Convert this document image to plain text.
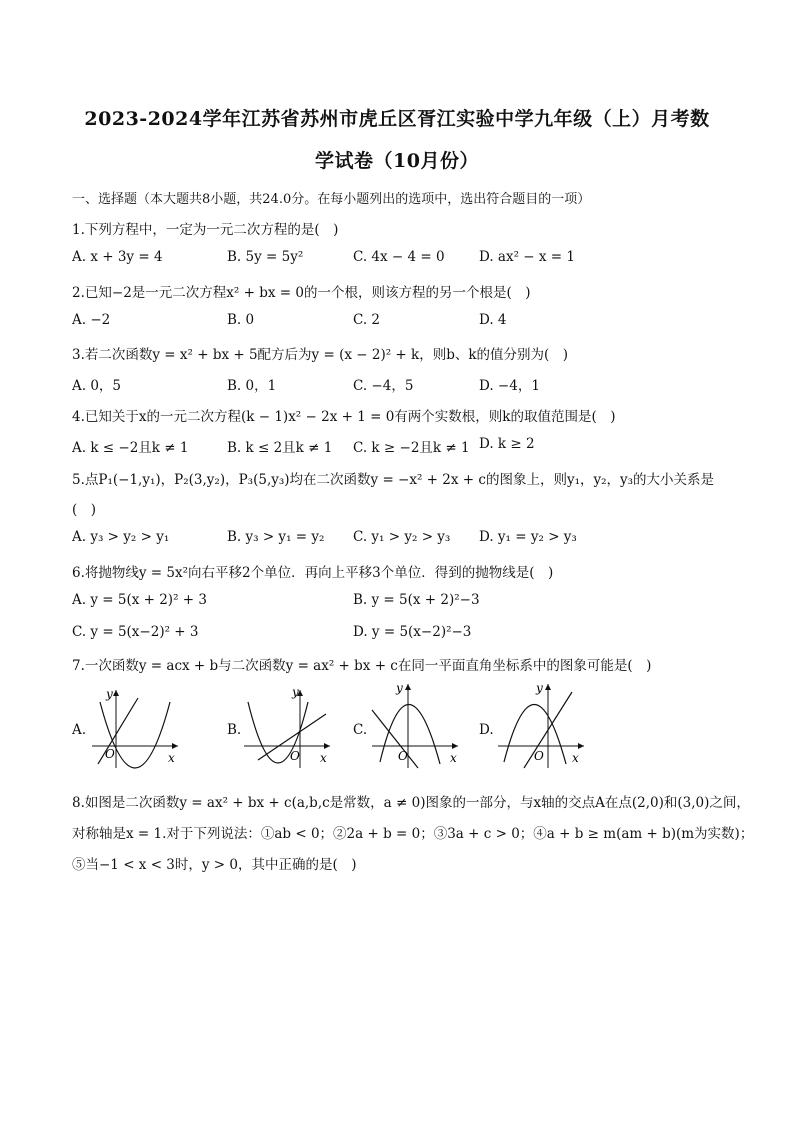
2023-2024学年江苏省苏州市虎丘区胥江实验中学九年级（上）月考数
学试卷（10月份）
一、选择题（本大题共8小题，共24.0分。在每小题列出的选项中，选出符合题目的一项）
1.下列方程中，一定为一元二次方程的是(　)
A. x + 3y = 4	B. 5y = 5y²	C. 4x − 4 = 0	D. ax² − x = 1
2.已知−2是一元二次方程x² + bx = 0的一个根，则该方程的另一个根是(　)
A. −2	B. 0	C. 2	D. 4
3.若二次函数y = x² + bx + 5配方后为y = (x − 2)² + k，则b、k的值分别为(　)
A. 0，5	B. 0，1	C. −4，5	D. −4，1
4.已知关于x的一元二次方程(k − 1)x² − 2x + 1 = 0有两个实数根，则k的取值范围是(　)
A. k ≤ −2且k ≠ 1	B. k ≤ 2且k ≠ 1 C. k ≥ −2且k ≠ 1 D. k ≥ 2
5.点P₁(−1,y₁)，P₂(3,y₂)，P₃(5,y₃)均在二次函数y = −x² + 2x + c的图象上，则y₁，y₂，y₃的大小关系是
(　)
A. y₃ > y₂ > y₁	B. y₃ > y₁ = y₂ C. y₁ > y₂ > y₃ D. y₁ = y₂ > y₃
6.将抛物线y = 5x²向右平移2个单位．再向上平移3个单位．得到的抛物线是(　)
A. y = 5(x + 2)² + 3	B. y = 5(x + 2)²−3
C. y = 5(x−2)² + 3	D. y = 5(x−2)²−3
7.一次函数y = acx + b与二次函数y = ax² + bx + c在同一平面直角坐标系中的图象可能是(　)
A.
O	x
y
B.
O x
y
C.
O	x
y
D.
O x
y
8.如图是二次函数y = ax² + bx + c(a,b,c是常数，a ≠ 0)图象的一部分，与x轴的交点A在点(2,0)和(3,0)之间，
对称轴是x = 1.对于下列说法：①ab < 0；②2a + b = 0；③3a + c > 0；④a + b ≥ m(am + b)(m为实数)；
⑤当−1 < x < 3时，y > 0，其中正确的是(　)
